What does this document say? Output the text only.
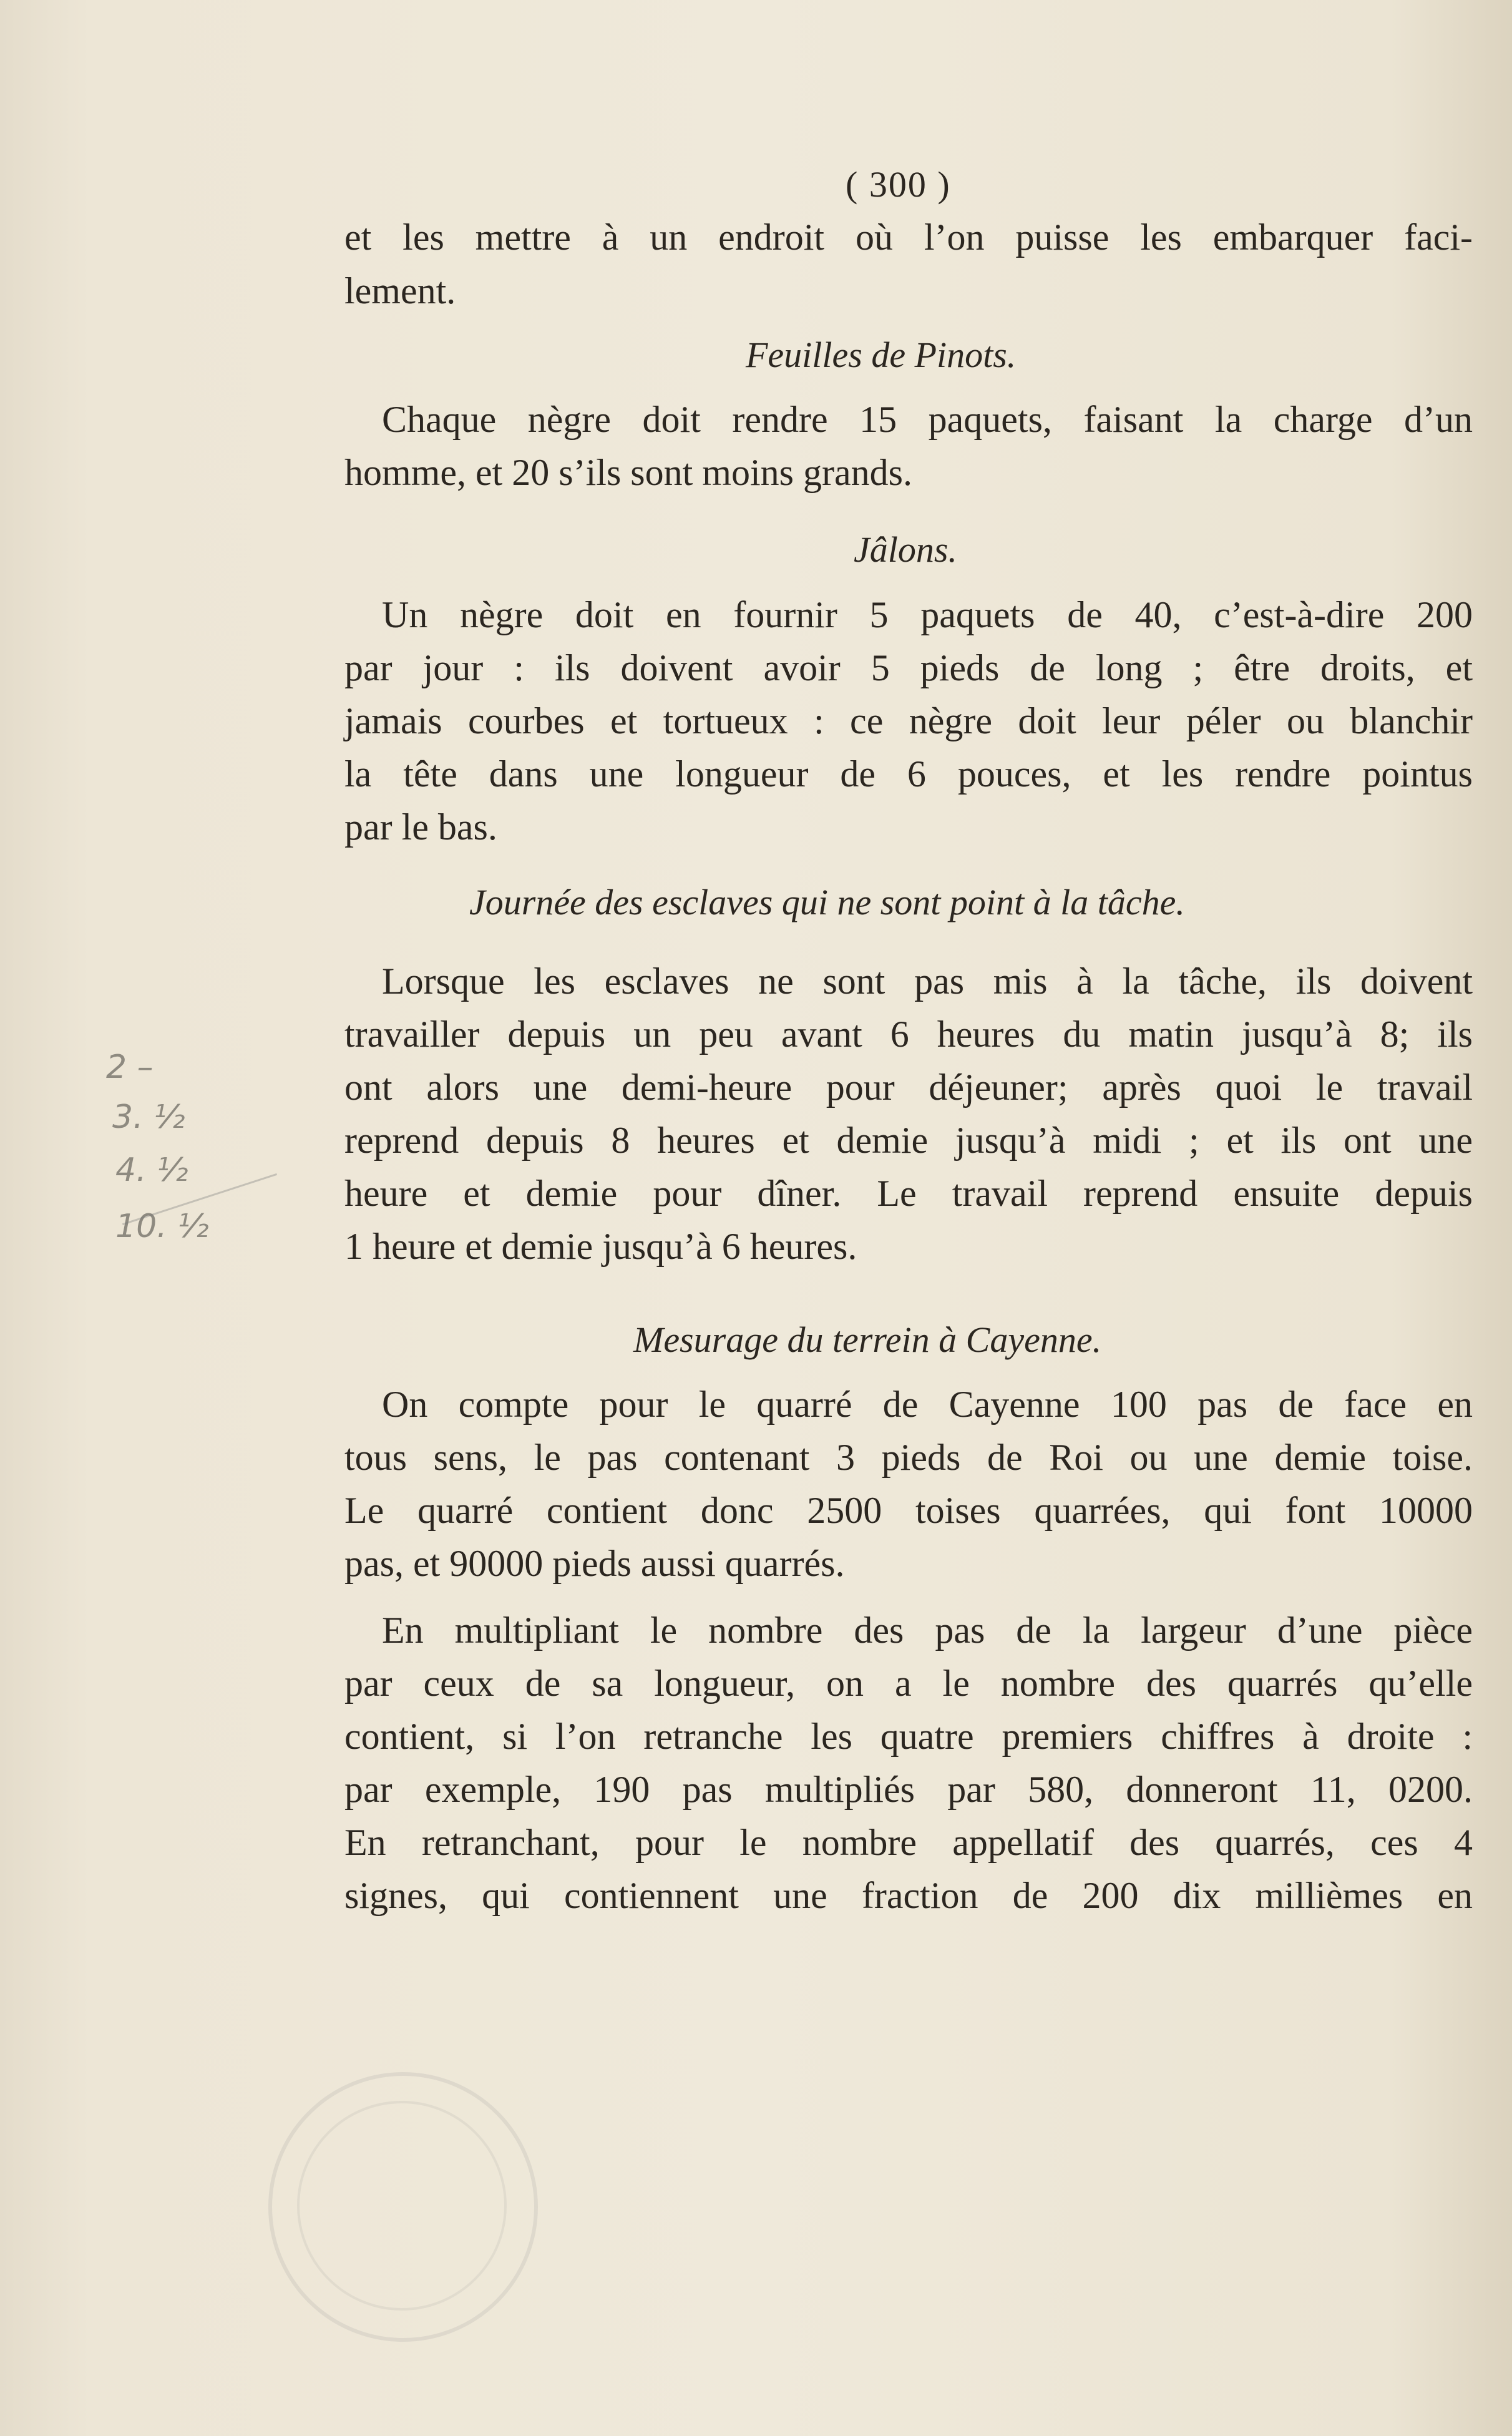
( 300 )
et les mettre à un endroit où l’on puisse les embarquer faci-
lement.
Feuilles de Pinots.
Chaque nègre doit rendre 15 paquets, faisant la charge d’un
homme, et 20 s’ils sont moins grands.
Jâlons.
Un nègre doit en fournir 5 paquets de 40, c’est-à-dire 200
par jour : ils doivent avoir 5 pieds de long ; être droits, et
jamais courbes et tortueux : ce nègre doit leur péler ou blanchir
la tête dans une longueur de 6 pouces, et les rendre pointus
par le bas.
Journée des esclaves qui ne sont point à la tâche.
Lorsque les esclaves ne sont pas mis à la tâche, ils doivent
travailler depuis un peu avant 6 heures du matin jusqu’à 8; ils
ont alors une demi-heure pour déjeuner; après quoi le travail
reprend depuis 8 heures et demie jusqu’à midi ; et ils ont une
heure et demie pour dîner. Le travail reprend ensuite depuis
1 heure et demie jusqu’à 6 heures.
Mesurage du terrein à Cayenne.
On compte pour le quarré de Cayenne 100 pas de face en
tous sens, le pas contenant 3 pieds de Roi ou une demie toise.
Le quarré contient donc 2500 toises quarrées, qui font 10000
pas, et 90000 pieds aussi quarrés.
En multipliant le nombre des pas de la largeur d’une pièce
par ceux de sa longueur, on a le nombre des quarrés qu’elle
contient, si l’on retranche les quatre premiers chiffres à droite :
par exemple, 190 pas multipliés par 580, donneront 11, 0200.
En retranchant, pour le nombre appellatif des quarrés, ces 4
signes, qui contiennent une fraction de 200 dix millièmes en
2 –
3. ½
4. ½
10. ½
